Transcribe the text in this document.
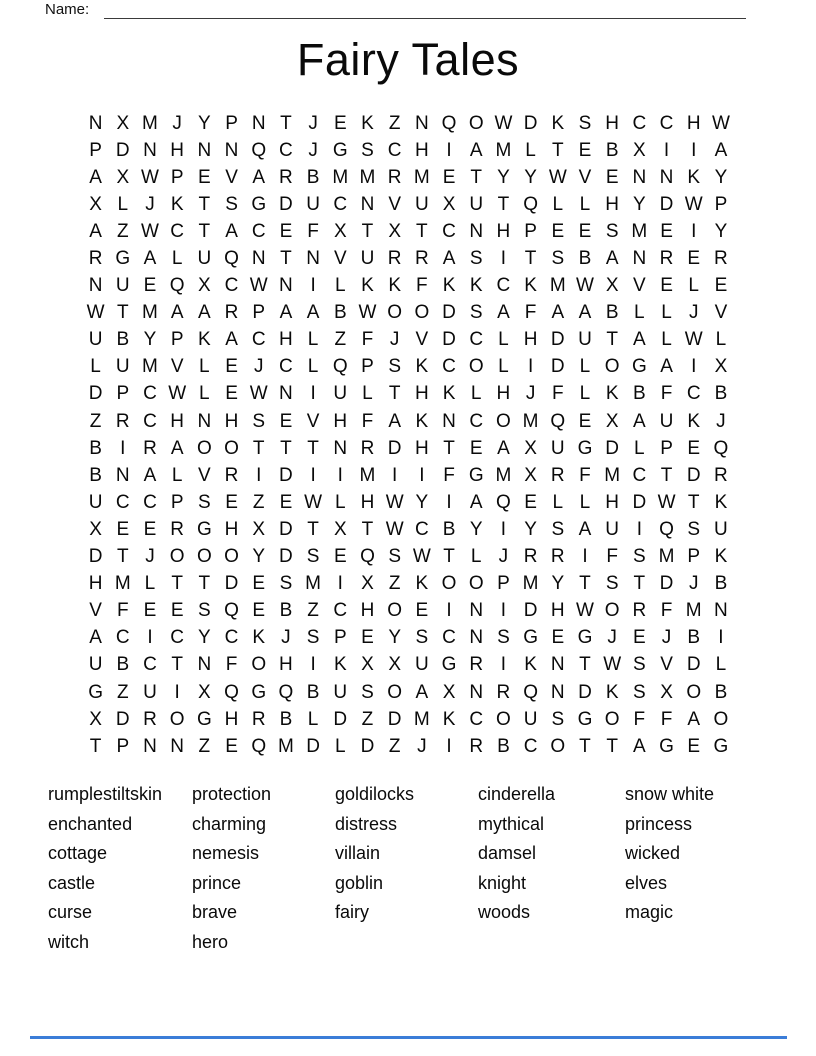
Name:
Fairy Tales
N X M J Y P N T J E K Z N Q O W D K S H C C H W
P D N H N N Q C J G S C H I A M L T E B X I	I A
A X W P E V A R B M M R M E T Y Y W V E N N K Y
X L J K T S G D U C N V U X U T Q L L H Y D W P
A Z W C T A C E F X T X T C N H P E E S M E I Y
R G A L U Q N T N V U R R A S I T S B A N R E R
N U E Q X C W N I	L K K F K K C K M W X V E L E
W T M A A R P A A B W O O D S A F A A B L L J V
U B Y P K A C H L Z F J V D C L H D U T A L W L
L U M V L E J C L Q P S K C O L	I D L O G A I X
D P C W L E W N I U L T H K L H J F L K B F C B
Z R C H N H S E V H F A K N C O M Q E X A U K J
B I R A O O T T T N R D H T E A X U G D L P E Q
B N A L V R I D I	I M I	I F G M X R F M C T D R
U C C P S E Z E W L H W Y I A Q E L L H D W T K
X E E R G H X D T X T W C B Y I Y S A U I Q S U
D T J O O O Y D S E Q S W T L J R R I F S M P K
H M L T T D E S M I X Z K O O P M Y T S T D J B
V F E E S Q E B Z C H O E I N I D H W O R F M N
A C I C Y C K J S P E Y S C N S G E G J E J B I
U B C T N F O H I K X X U G R I K N T W S V D L
G Z U I X Q G Q B U S O A X N R Q N D K S X O B
X D R O G H R B L D Z D M K C O U S G O F F A O
T P N N Z E Q M D L D Z J	I R B C O T T A G E G
rumplestiltskin
enchanted
cottage
castle
curse
witch
protection
charming
nemesis
prince
brave
hero
goldilocks
distress
villain
goblin
fairy
cinderella
mythical
damsel
knight
woods
snow white
princess
wicked
elves
magic
